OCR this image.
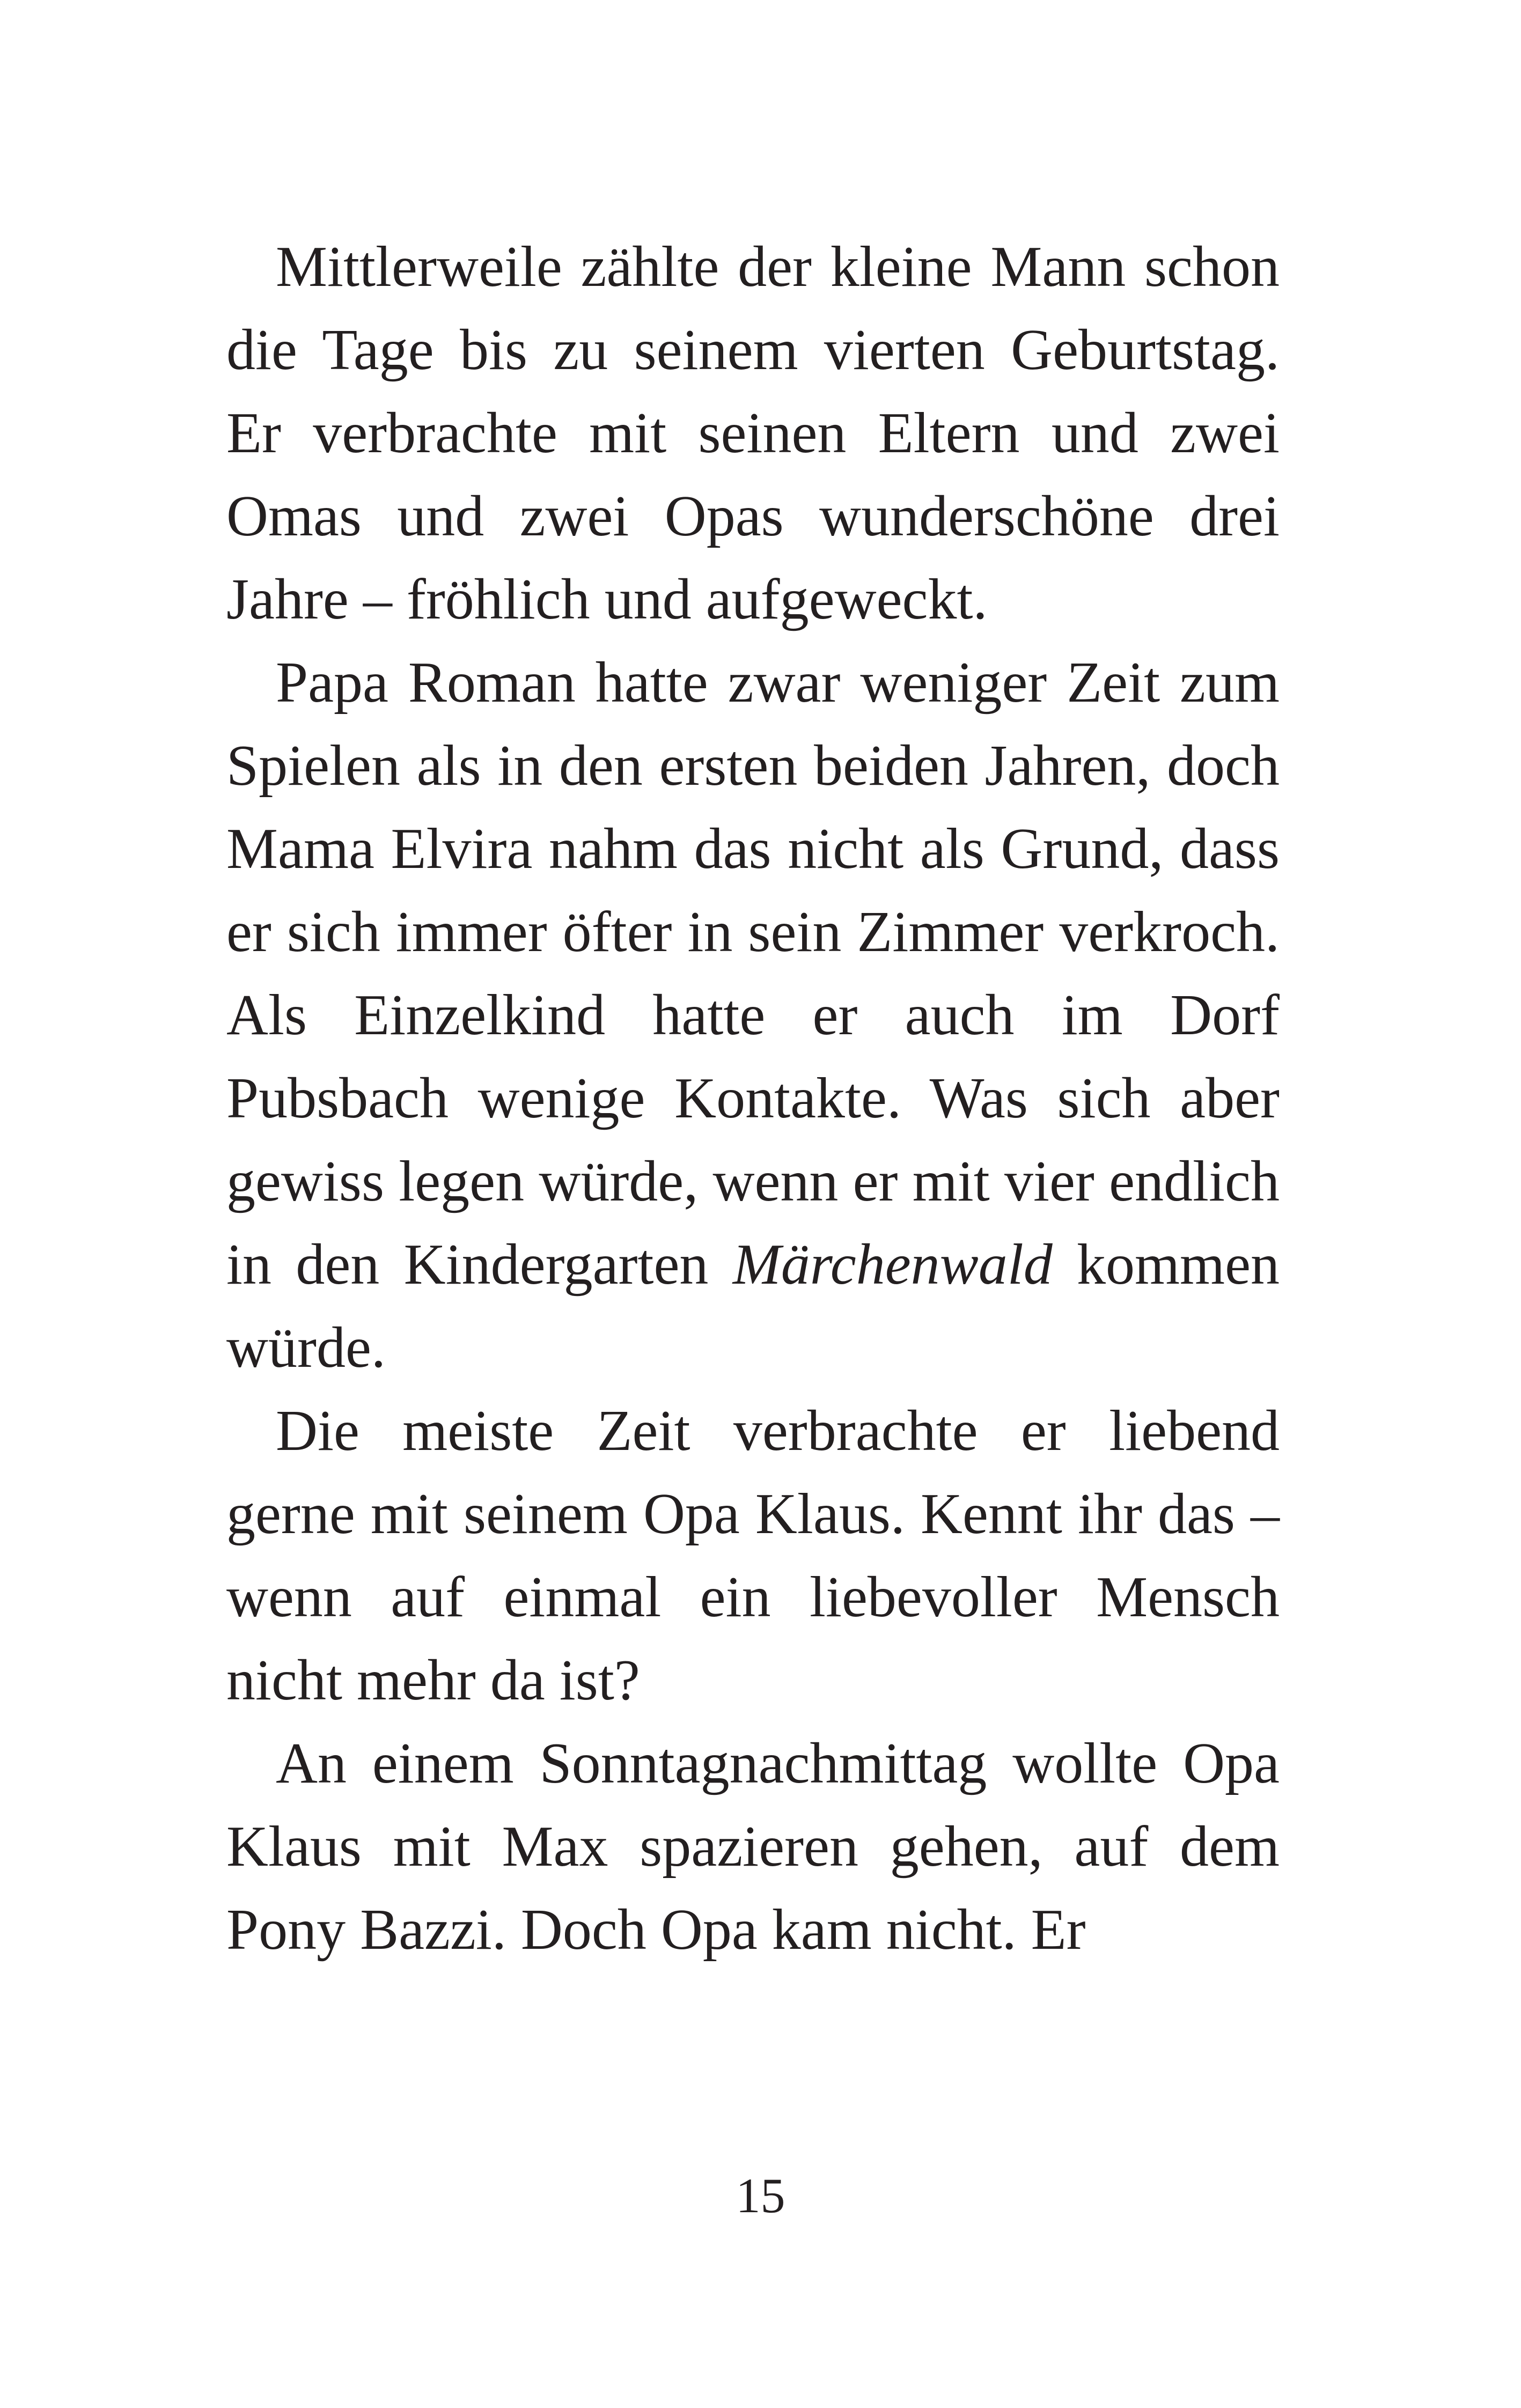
Mittlerweile zählte der kleine Mann schon die Tage bis zu seinem vierten Geburtstag. Er verbrachte mit seinen Eltern und zwei Omas und zwei Opas wunderschöne drei Jahre – fröhlich und aufgeweckt.

Papa Roman hatte zwar weniger Zeit zum Spielen als in den ersten beiden Jahren, doch Mama Elvira nahm das nicht als Grund, dass er sich immer öfter in sein Zimmer verkroch. Als Einzelkind hatte er auch im Dorf Pubsbach wenige Kontakte. Was sich aber gewiss legen würde, wenn er mit vier endlich in den Kindergarten Märchenwald kommen würde.

Die meiste Zeit verbrachte er liebend gerne mit seinem Opa Klaus. Kennt ihr das – wenn auf einmal ein liebevoller Mensch nicht mehr da ist?

An einem Sonntagnachmittag wollte Opa Klaus mit Max spazieren gehen, auf dem Pony Bazzi. Doch Opa kam nicht. Er

15
